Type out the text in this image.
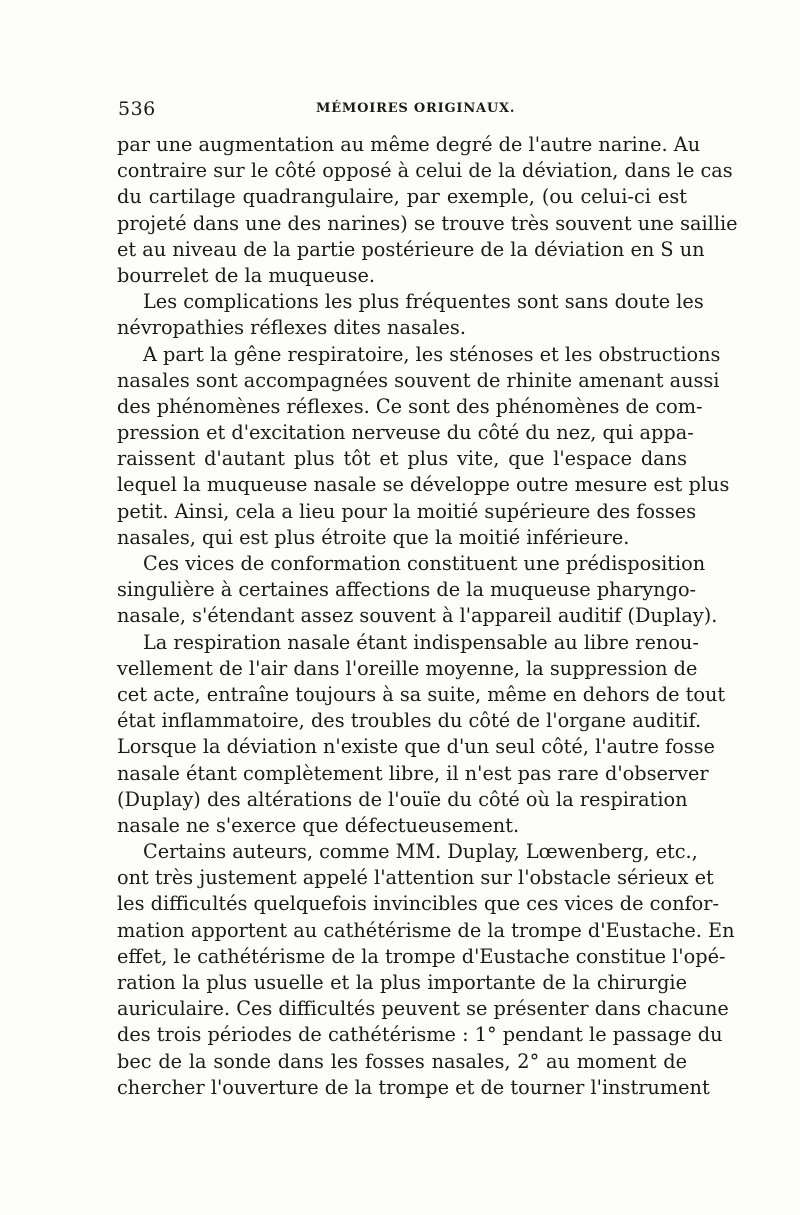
536	MÉMOIRES ORIGINAUX.
par une augmentation au même degré de l'autre narine. Au
contraire sur le côté opposé à celui de la déviation, dans le cas
du cartilage quadrangulaire, par exemple, (ou celui-ci est
projeté dans une des narines) se trouve très souvent une saillie
et au niveau de la partie postérieure de la déviation en S un
bourrelet de la muqueuse.
Les complications les plus fréquentes sont sans doute les
névropathies réflexes dites nasales.
A part la gêne respiratoire, les sténoses et les obstructions
nasales sont accompagnées souvent de rhinite amenant aussi
des phénomènes réflexes. Ce sont des phénomènes de com-
pression et d'excitation nerveuse du côté du nez, qui appa-
raissent d'autant plus tôt et plus vite, que l'espace dans
lequel la muqueuse nasale se développe outre mesure est plus
petit. Ainsi, cela a lieu pour la moitié supérieure des fosses
nasales, qui est plus étroite que la moitié inférieure.
Ces vices de conformation constituent une prédisposition
singulière à certaines affections de la muqueuse pharyngo-
nasale, s'étendant assez souvent à l'appareil auditif (Duplay).
La respiration nasale étant indispensable au libre renou-
vellement de l'air dans l'oreille moyenne, la suppression de
cet acte, entraîne toujours à sa suite, même en dehors de tout
état inflammatoire, des troubles du côté de l'organe auditif.
Lorsque la déviation n'existe que d'un seul côté, l'autre fosse
nasale étant complètement libre, il n'est pas rare d'observer
(Duplay) des altérations de l'ouïe du côté où la respiration
nasale ne s'exerce que défectueusement.
Certains auteurs, comme MM. Duplay, Lœwenberg, etc.,
ont très justement appelé l'attention sur l'obstacle sérieux et
les difficultés quelquefois invincibles que ces vices de confor-
mation apportent au cathétérisme de la trompe d'Eustache. En
effet, le cathétérisme de la trompe d'Eustache constitue l'opé-
ration la plus usuelle et la plus importante de la chirurgie
auriculaire. Ces difficultés peuvent se présenter dans chacune
des trois périodes de cathétérisme : 1° pendant le passage du
bec de la sonde dans les fosses nasales, 2° au moment de
chercher l'ouverture de la trompe et de tourner l'instrument
